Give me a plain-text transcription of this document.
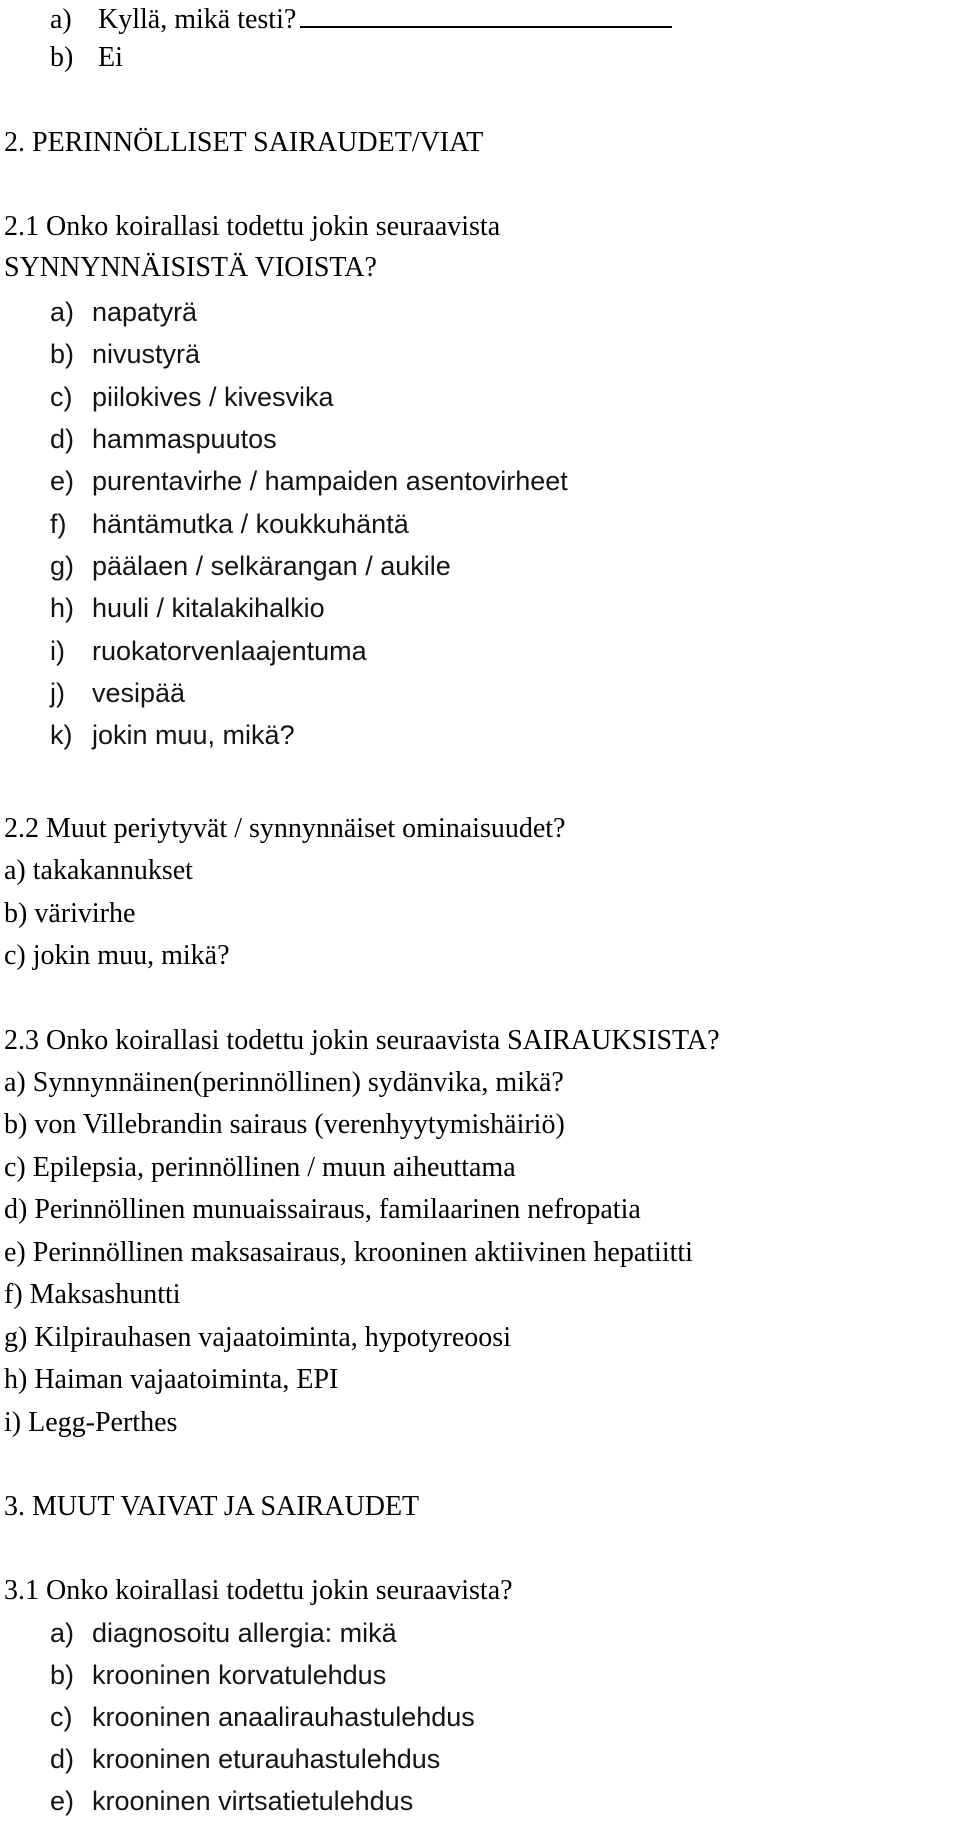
a) Kyllä, mikä testi?
b) Ei
2. PERINNÖLLISET SAIRAUDET/VIAT
2.1 Onko koirallasi todettu jokin seuraavista
SYNNYNNÄISISTÄ VIOISTA?
a) napatyrä
b) nivustyrä
c) piilokives / kivesvika
d) hammaspuutos
e) purentavirhe / hampaiden asentovirheet
f) häntämutka / koukkuhäntä
g) päälaen / selkärangan / aukile
h) huuli / kitalakihalkio
i) ruokatorvenlaajentuma
j) vesipää
k) jokin muu, mikä?
2.2 Muut periytyvät / synnynnäiset ominaisuudet?
a) takakannukset
b) värivirhe
c) jokin muu, mikä?
2.3 Onko koirallasi todettu jokin seuraavista SAIRAUKSISTA?
a) Synnynnäinen(perinnöllinen) sydänvika, mikä?
b) von Villebrandin sairaus (verenhyytymishäiriö)
c) Epilepsia, perinnöllinen / muun aiheuttama
d) Perinnöllinen munuaissairaus, familaarinen nefropatia
e) Perinnöllinen maksasairaus, krooninen aktiivinen hepatiitti
f) Maksashuntti
g) Kilpirauhasen vajaatoiminta, hypotyreoosi
h) Haiman vajaatoiminta, EPI
i) Legg-Perthes
3. MUUT VAIVAT JA SAIRAUDET
3.1 Onko koirallasi todettu jokin seuraavista?
a) diagnosoitu allergia: mikä
b) krooninen korvatulehdus
c) krooninen anaalirauhastulehdus
d) krooninen eturauhastulehdus
e) krooninen virtsatietulehdus
